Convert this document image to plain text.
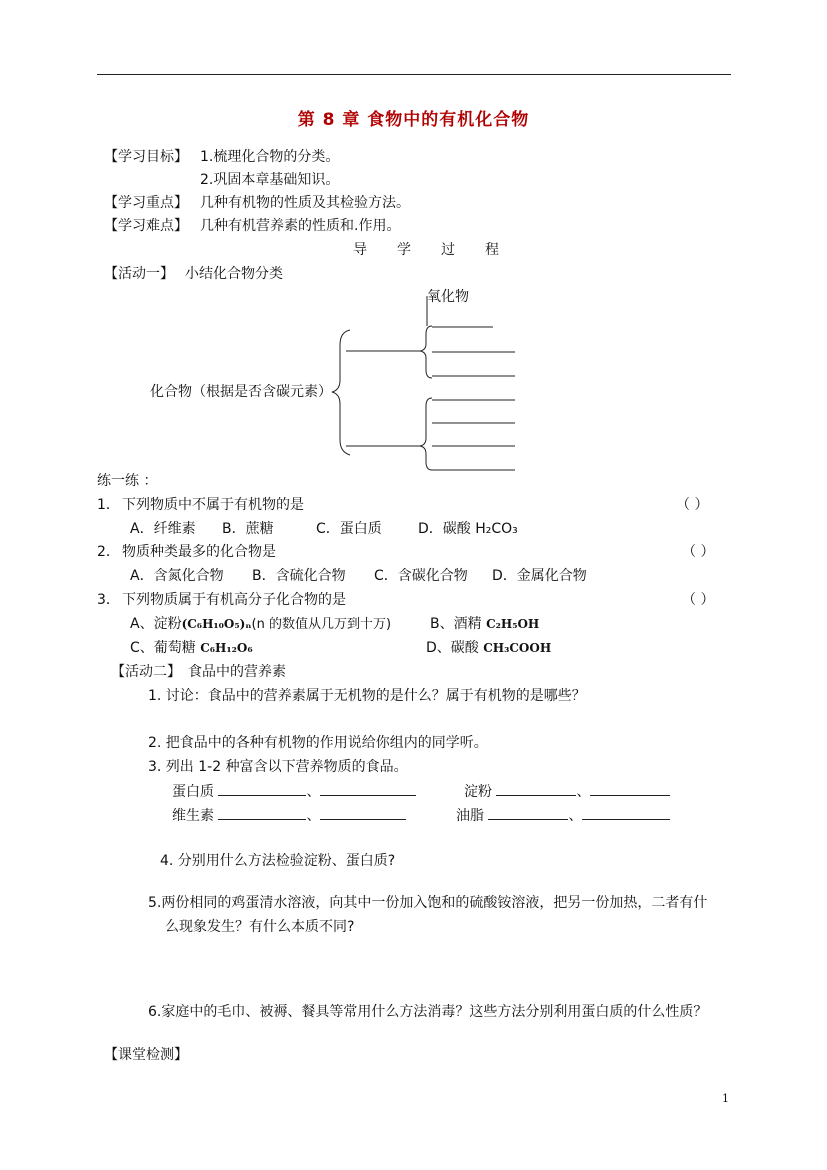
第 8 章 食物中的有机化合物
【学习目标】 1.梳理化合物的分类。
2.巩固本章基础知识。
【学习重点】 几种有机物的性质及其检验方法。
【学习难点】 几种有机营养素的性质和.作用。
导学过程
【活动一】 小结化合物分类
氧化物
化合物（根据是否含碳元素）
练一练 ：
1． 下列物质中不属于有机物的是	（ ）
A．纤维素 B．蔗糖	C．蛋白质	D．碳酸 H₂CO₃
2． 物质种类最多的化合物是	（ ）
A．含氮化合物 B．含硫化合物 C．含碳化合物 D．金属化合物
3． 下列物质属于有机高分子化合物的是	（ ）
A、淀粉(C₆H₁₀O₅)ₙ(n 的数值从几万到十万)	B、酒精 C₂H₅OH
C、葡萄糖 C₆H₁₂O₆	D、碳酸 CH₃COOH
【活动二】 食品中的营养素
1. 讨论：食品中的营养素属于无机物的是什么？属于有机物的是哪些？
2. 把食品中的各种有机物的作用说给你组内的同学听。
3. 列出 1-2 种富含以下营养物质的食品。
蛋白质	、	淀粉	、
维生素	、	油脂	、
4. 分别用什么方法检验淀粉、蛋白质?
5.两份相同的鸡蛋清水溶液，向其中一份加入饱和的硫酸铵溶液，把另一份加热，二者有什
么现象发生？有什么本质不同?
6.家庭中的毛巾、被褥、餐具等常用什么方法消毒？这些方法分别利用蛋白质的什么性质？
【课堂检测】
1
